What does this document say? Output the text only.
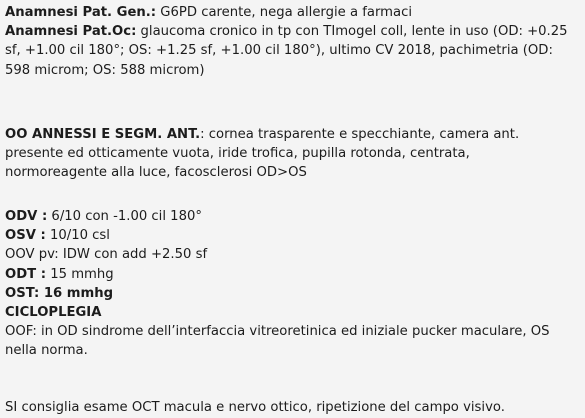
Anamnesi Pat. Gen.: G6PD carente, nega allergie a farmaci
Anamnesi Pat.Oc: glaucoma cronico in tp con TImogel coll, lente in uso (OD: +0.25
sf, +1.00 cil 180°; OS: +1.25 sf, +1.00 cil 180°), ultimo CV 2018, pachimetria (OD:
598 microm; OS: 588 microm)
OO ANNESSI E SEGM. ANT.: cornea trasparente e specchiante, camera ant.
presente ed otticamente vuota, iride trofica, pupilla rotonda, centrata,
normoreagente alla luce, facosclerosi OD>OS
ODV : 6/10 con -1.00 cil 180°
OSV : 10/10 csl
OOV pv: IDW con add +2.50 sf
ODT : 15 mmhg
OST: 16 mmhg
CICLOPLEGIA
OOF: in OD sindrome dell’interfaccia vitreoretinica ed iniziale pucker maculare, OS
nella norma.
SI consiglia esame OCT macula e nervo ottico, ripetizione del campo visivo.
